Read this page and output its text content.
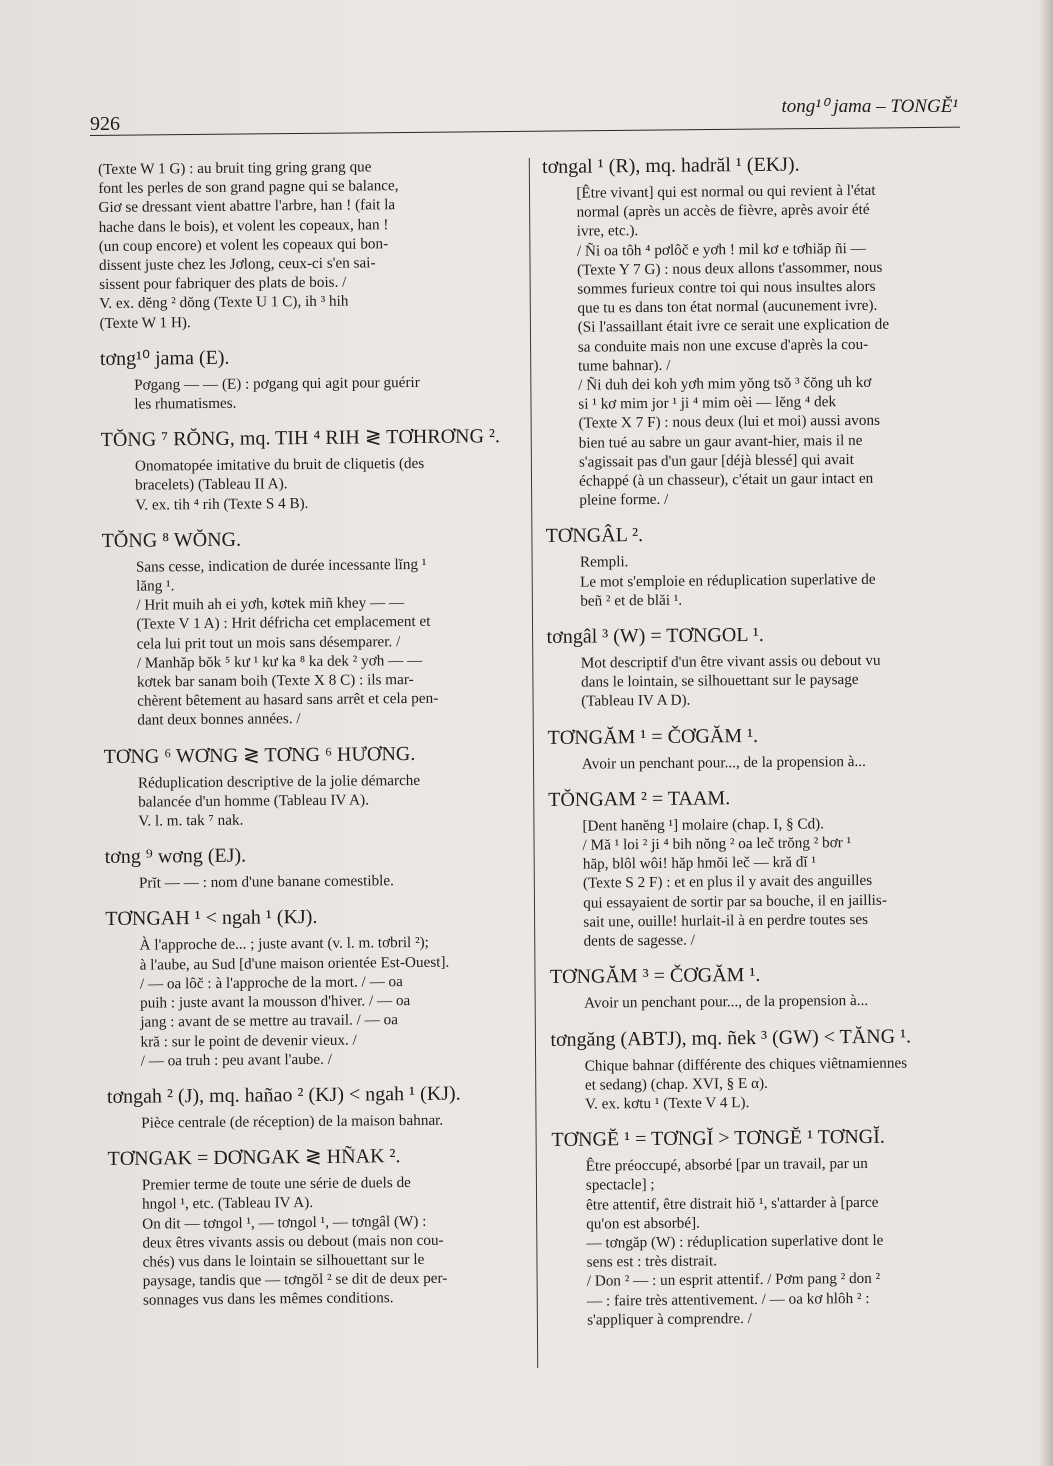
926
tong¹⁰ jama – TONGĔ¹

(Texte W 1 G) : au bruit ting gring grang que

font les perles de son grand pagne qui se balance,

Giơ se dressant vient abattre l'arbre, han ! (fait la

hache dans le bois), et volent les copeaux, han !

(un coup encore) et volent les copeaux qui bon-

dissent juste chez les Jơlong, ceux-ci s'en sai-

sissent pour fabriquer des plats de bois. /

V. ex. dĕng ² dŏng (Texte U 1 C), ih ³ hih

(Texte W 1 H).

tơng¹⁰ jama (E).

Pơgang — — (E) : pơgang qui agit pour guérir

les rhumatismes.

TŎNG ⁷ RŎNG, mq. TIH ⁴ RIH ≷ TƠHRƠNG ².

Onomatopée imitative du bruit de cliquetis (des

bracelets) (Tableau II A).

V. ex. tih ⁴ rih (Texte S 4 B).

TŎNG ⁸ WŎNG.

Sans cesse, indication de durée incessante lĭng ¹

lăng ¹.

/ Hrit muih ah ei yơh, kơtek miñ khey — —

(Texte V 1 A) : Hrit défricha cet emplacement et

cela lui prit tout un mois sans désemparer. /

/ Manhăp bŏk ⁵ kư ¹ kư ka ⁸ ka dek ² yơh — —

kơtek bar sanam boih (Texte X 8 C) : ils mar-

chèrent bêtement au hasard sans arrêt et cela pen-

dant deux bonnes années. /

TƠNG ⁶ WƠNG ≷ TƠNG ⁶ HƯƠNG.

Réduplication descriptive de la jolie démarche

balancée d'un homme (Tableau IV A).

V. l. m. tak ⁷ nak.

tơng ⁹ wơng (EJ).

Prĭt — — : nom d'une banane comestible.

TƠNGAH ¹ < ngah ¹ (KJ).

À l'approche de... ; juste avant (v. l. m. tơbril ²);

à l'aube, au Sud [d'une maison orientée Est-Ouest].

/ — oa lôč : à l'approche de la mort. / — oa

puih : juste avant la mousson d'hiver. / — oa

jang : avant de se mettre au travail. / — oa

kră : sur le point de devenir vieux. /

/ — oa truh : peu avant l'aube. /

tơngah ² (J), mq. hañao ² (KJ) < ngah ¹ (KJ).

Pièce centrale (de réception) de la maison bahnar.

TƠNGAK = DƠNGAK ≷ HÑAK ².

Premier terme de toute une série de duels de

hngol ¹, etc. (Tableau IV A).

On dit — tơngol ¹, — tơngol ¹, — tơngâl (W) :

deux êtres vivants assis ou debout (mais non cou-

chés) vus dans le lointain se silhouettant sur le

paysage, tandis que — tơngŏl ² se dit de deux per-

sonnages vus dans les mêmes conditions.

tơngal ¹ (R), mq. hadrăl ¹ (EKJ).

[Être vivant] qui est normal ou qui revient à l'état

normal (après un accès de fièvre, après avoir été

ivre, etc.).

/ Ñi oa tôh ⁴ pơlôč e yơh ! mil kơ e tơhiăp ñi —

(Texte Y 7 G) : nous deux allons t'assommer, nous

sommes furieux contre toi qui nous insultes alors

que tu es dans ton état normal (aucunement ivre).

(Si l'assaillant était ivre ce serait une explication de

sa conduite mais non une excuse d'après la cou-

tume bahnar). /

/ Ñi duh dei koh yơh mim yŏng tsŏ ³ čŏng uh kơ

si ¹ kơ mim jor ¹ ji ⁴ mim oèi — lĕng ⁴ dek

(Texte X 7 F) : nous deux (lui et moi) aussi avons

bien tué au sabre un gaur avant-hier, mais il ne

s'agissait pas d'un gaur [déjà blessé] qui avait

échappé (à un chasseur), c'était un gaur intact en

pleine forme. /

TƠNGÂL ².

Rempli.

Le mot s'emploie en réduplication superlative de

beñ ² et de blăi ¹.

tơngâl ³ (W) = TƠNGOL ¹.

Mot descriptif d'un être vivant assis ou debout vu

dans le lointain, se silhouettant sur le paysage

(Tableau IV A D).

TƠNGĂM ¹ = ČƠGĂM ¹.

Avoir un penchant pour..., de la propension à...

TŎNGAM ² = TAAM.

[Dent hanĕng ¹] molaire (chap. I, § Cd).

/ Mă ¹ loi ² ji ⁴ bih nŏng ² oa leč trŏng ² bơr ¹

hăp, blôl wôi! hăp hmŏi leč — kră dĭ ¹

(Texte S 2 F) : et en plus il y avait des anguilles

qui essayaient de sortir par sa bouche, il en jaillis-

sait une, ouille! hurlait-il à en perdre toutes ses

dents de sagesse. /

TƠNGĂM ³ = ČƠGĂM ¹.

Avoir un penchant pour..., de la propension à...

tơngăng (ABTJ), mq. ñek ³ (GW) < TĂNG ¹.

Chique bahnar (différente des chiques viêtnamiennes

et sedang) (chap. XVI, § E α).

V. ex. kơtu ¹ (Texte V 4 L).

TƠNGĔ ¹ = TƠNGĬ > TƠNGĔ ¹ TƠNGĬ.

Être préoccupé, absorbé [par un travail, par un

spectacle] ;

être attentif, être distrait hiŏ ¹, s'attarder à [parce

qu'on est absorbé].

— tơngăp (W) : réduplication superlative dont le

sens est : très distrait.

/ Don ² — : un esprit attentif. / Pơm pang ² don ²

— : faire très attentivement. / — oa kơ hlôh ² :

s'appliquer à comprendre. /
